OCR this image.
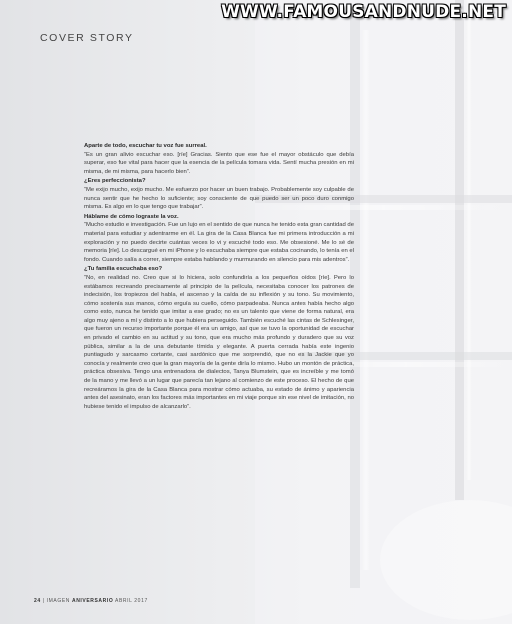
WWW.FAMOUSANDNUDE.NET
COVER STORY

Aparte de todo, escuchar tu voz fue surreal.

“Es un gran alivio escuchar eso. [ríe] Gracias. Siento que ese fue el mayor obstáculo que debía superar, eso fue vital para hacer que la esencia de la película tomara vida. Sentí mucha presión en mi misma, de mi misma, para hacerlo bien”.

¿Eres perfeccionista?

“Me exijo mucho, exijo mucho. Me esfuerzo por hacer un buen trabajo. Probablemente soy culpable de nunca sentir que he hecho lo suficiente; soy consciente de que puedo ser un poco duro conmigo misma. Es algo en lo que tengo que trabajar”.

Háblame de cómo lograste la voz.

“Mucho estudio e investigación. Fue un lujo en el sentido de que nunca he tenido esta gran cantidad de material para estudiar y adentrarme en él. La gira de la Casa Blanca fue mi primera introducción a mi exploración y no puedo decirte cuántas veces lo vi y escuché todo eso. Me obsesioné. Me lo sé de memoria [ríe]. Lo descargué en mi iPhone y lo escuchaba siempre que estaba cocinando, lo tenía en el fondo. Cuando salía a correr, siempre estaba hablando y murmurando en silencio para mis adentros”.

¿Tu familia escuchaba eso?

“No, en realidad no. Creo que si lo hiciera, solo confundiría a los pequeños oídos [ríe]. Pero lo estábamos recreando precisamente al principio de la película, necesitaba conocer los patrones de indecisión, los tropiezos del habla, el ascenso y la caída de su inflexión y su tono. Su movimiento, cómo sostenía sus manos, cómo erguía su cuello, cómo parpadeaba. Nunca antes había hecho algo como esto, nunca he tenido que imitar a ese grado; no es un talento que viene de forma natural, era algo muy ajeno a mí y distinto a lo que hubiera perseguido. También escuché las cintas de Schlesinger, que fueron un recurso importante porque él era un amigo, así que se tuvo la oportunidad de escuchar en privado el cambio en su actitud y su tono, que era mucho más profundo y duradero que su voz pública, similar a la de una debutante tímida y elegante. A puerta cerrada había este ingenio puntiagudo y sarcasmo cortante, casi sardónico que me sorprendió, que no es la Jackie que yo conocía y realmente creo que la gran mayoría de la gente diría lo mismo. Hubo un montón de práctica, práctica obsesiva. Tengo una entrenadora de dialectos, Tanya Blumstein, que es increíble y me tomó de la mano y me llevó a un lugar que parecía tan lejano al comienzo de este proceso. El hecho de que recreáramos la gira de la Casa Blanca para mostrar cómo actuaba, su estado de ánimo y apariencia antes del asesinato, eran los factores más importantes en mi viaje porque sin ese nivel de imitación, no hubiese tenido el impulso de alcanzarlo”.

24 | IMAGEN ANIVERSARIO ABRIL 2017
